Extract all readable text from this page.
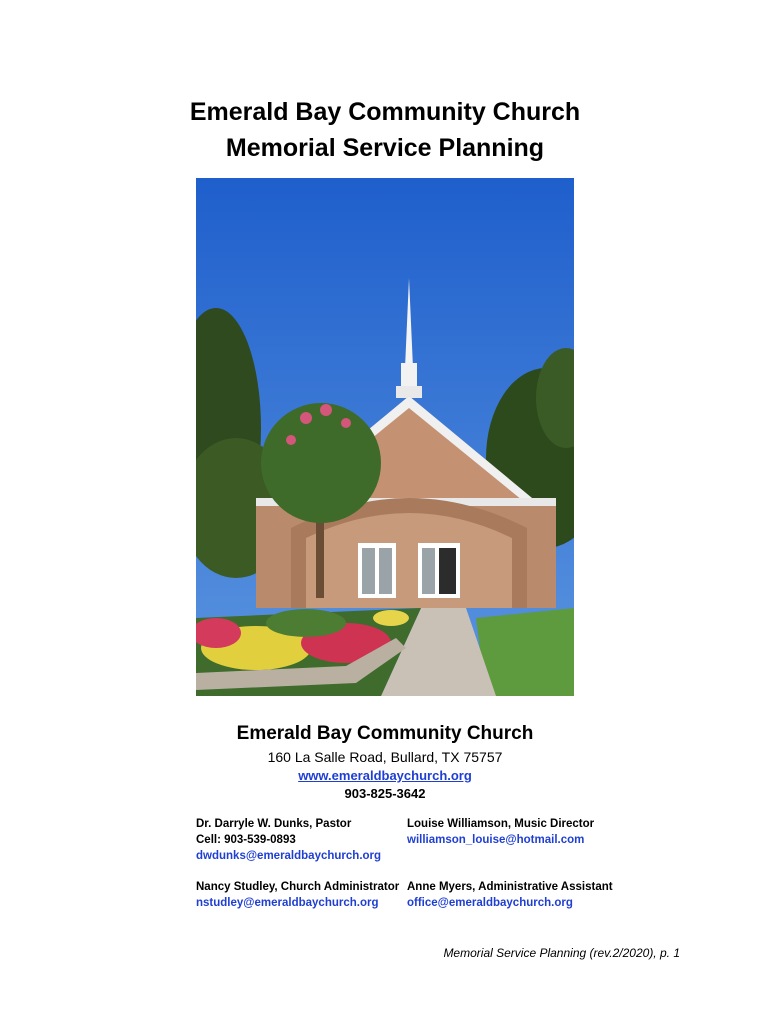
Emerald Bay Community Church
Memorial Service Planning
Emerald Bay Community Church
160 La Salle Road, Bullard, TX 75757
www.emeraldbaychurch.org
903-825-3642
Dr. Darryle W. Dunks, Pastor
Cell: 903-539-0893
dwdunks@emeraldbaychurch.org
Louise Williamson, Music Director
williamson_louise@hotmail.com
Nancy Studley, Church Administrator
nstudley@emeraldbaychurch.org
Anne Myers, Administrative Assistant
office@emeraldbaychurch.org
Memorial Service Planning (rev.2/2020), p. 1
